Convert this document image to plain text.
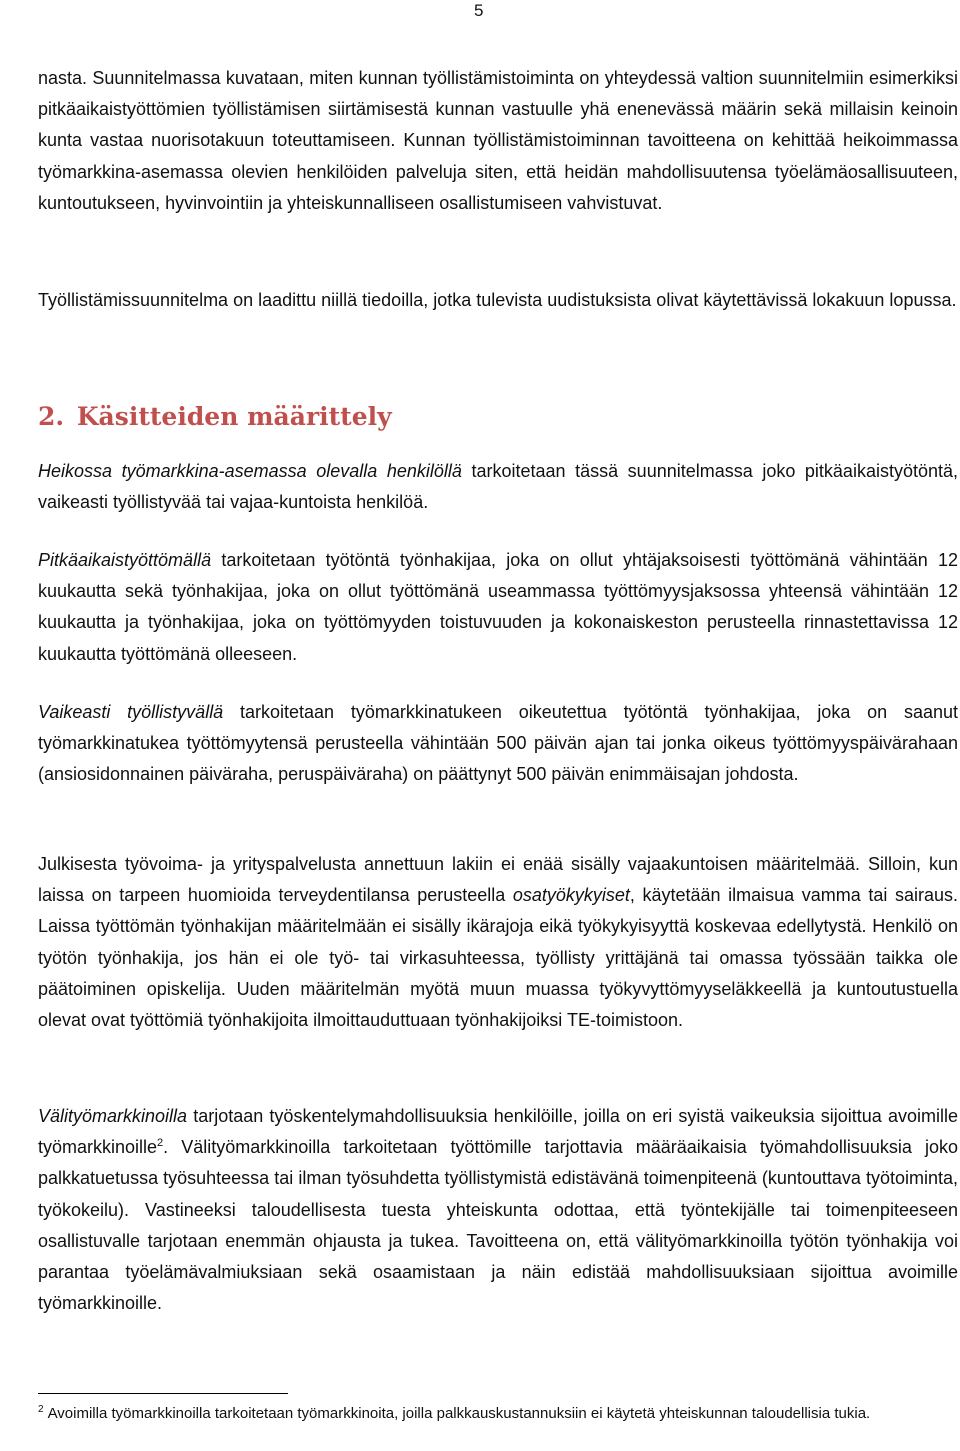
5

nasta. Suunnitelmassa kuvataan, miten kunnan työllistämistoiminta on yhteydessä valtion suunnitelmiin esimerkiksi pitkäaikaistyöttömien työllistämisen siirtämisestä kunnan vastuulle yhä enenevässä määrin sekä millaisin keinoin kunta vastaa nuorisotakuun toteuttamiseen. Kunnan työllistämistoiminnan tavoitteena on kehittää heikoimmassa työmarkkina-asemassa olevien henkilöiden palveluja siten, että heidän mahdollisuutensa työelämäosallisuuteen, kuntoutukseen, hyvinvointiin ja yhteiskunnalliseen osallistumiseen vahvistuvat.

Työllistämissuunnitelma on laadittu niillä tiedoilla, jotka tulevista uudistuksista olivat käytettävissä lokakuun lopussa.

2. Käsitteiden määrittely

Heikossa työmarkkina-asemassa olevalla henkilöllä tarkoitetaan tässä suunnitelmassa joko pitkäaikaistyötöntä, vaikeasti työllistyvää tai vajaa-kuntoista henkilöä.

Pitkäaikaistyöttömällä tarkoitetaan työtöntä työnhakijaa, joka on ollut yhtäjaksoisesti työttömänä vähintään 12 kuukautta sekä työnhakijaa, joka on ollut työttömänä useammassa työttömyysjaksossa yhteensä vähintään 12 kuukautta ja työnhakijaa, joka on työttömyyden toistuvuuden ja kokonaiskeston perusteella rinnastettavissa 12 kuukautta työttömänä olleeseen.

Vaikeasti työllistyvällä tarkoitetaan työmarkkinatukeen oikeutettua työtöntä työnhakijaa, joka on saanut työmarkkinatukea työttömyytensä perusteella vähintään 500 päivän ajan tai jonka oikeus työttömyyspäivärahaan (ansiosidonnainen päiväraha, peruspäiväraha) on päättynyt 500 päivän enimmäisajan johdosta.

Julkisesta työvoima- ja yrityspalvelusta annettuun lakiin ei enää sisälly vajaakuntoisen määritelmää. Silloin, kun laissa on tarpeen huomioida terveydentilansa perusteella osatyökykyiset, käytetään ilmaisua vamma tai sairaus. Laissa työttömän työnhakijan määritelmään ei sisälly ikärajoja eikä työkykyisyyttä koskevaa edellytystä. Henkilö on työtön työnhakija, jos hän ei ole työ- tai virkasuhteessa, työllisty yrittäjänä tai omassa työssään taikka ole päätoiminen opiskelija. Uuden määritelmän myötä muun muassa työkyvyttömyyseläkkeellä ja kuntoutustuella olevat ovat työttömiä työnhakijoita ilmoittauduttuaan työnhakijoiksi TE-toimistoon.

Välityömarkkinoilla tarjotaan työskentelymahdollisuuksia henkilöille, joilla on eri syistä vaikeuksia sijoittua avoimille työmarkkinoille$^2$. Välityömarkkinoilla tarkoitetaan työttömille tarjottavia määräaikaisia työmahdollisuuksia joko palkkatuetussa työsuhteessa tai ilman työsuhdetta työllistymistä edistävänä toimenpiteenä (kuntouttava työtoiminta, työkokeilu). Vastineeksi taloudellisesta tuesta yhteiskunta odottaa, että työntekijälle tai toimenpiteeseen osallistuvalle tarjotaan enemmän ohjausta ja tukea. Tavoitteena on, että välityömarkkinoilla työtön työnhakija voi parantaa työelämävalmiuksiaan sekä osaamistaan ja näin edistää mahdollisuuksiaan sijoittua avoimille työmarkkinoille.

$^2$ Avoimilla työmarkkinoilla tarkoitetaan työmarkkinoita, joilla palkkauskustannuksiin ei käytetä yhteiskunnan taloudellisia tukia.
